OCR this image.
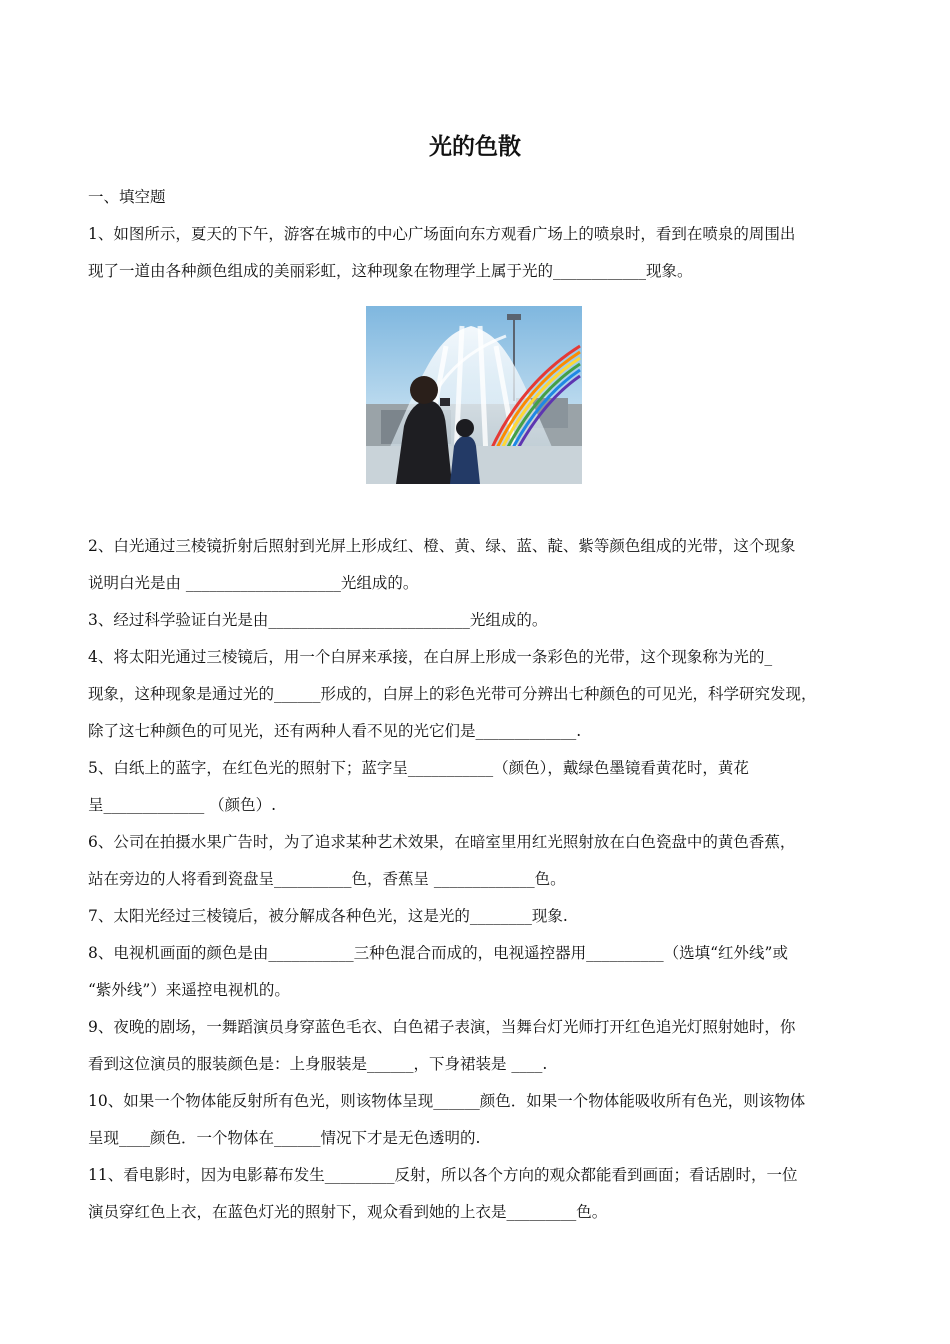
光的色散
一、填空题
1、如图所示，夏天的下午，游客在城市的中心广场面向东方观看广场上的喷泉时，看到在喷泉的周围出
现了一道由各种颜色组成的美丽彩虹，这种现象在物理学上属于光的____________现象。
2、白光通过三棱镜折射后照射到光屏上形成红、橙、黄、绿、蓝、靛、紫等颜色组成的光带，这个现象
说明白光是由 ____________________光组成的。
3、经过科学验证白光是由__________________________光组成的。
4、将太阳光通过三棱镜后，用一个白屏来承接，在白屏上形成一条彩色的光带，这个现象称为光的_
现象，这种现象是通过光的______形成的，白屏上的彩色光带可分辨出七种颜色的可见光，科学研究发现，
除了这七种颜色的可见光，还有两种人看不见的光它们是_____________.
5、白纸上的蓝字，在红色光的照射下；蓝字呈___________（颜色），戴绿色墨镜看黄花时，黄花
呈_____________ （颜色）.
6、公司在拍摄水果广告时，为了追求某种艺术效果，在暗室里用红光照射放在白色瓷盘中的黄色香蕉，
站在旁边的人将看到瓷盘呈__________色，香蕉呈 _____________色。
7、太阳光经过三棱镜后，被分解成各种色光，这是光的________现象.
8、电视机画面的颜色是由___________三种色混合而成的，电视遥控器用__________（选填“红外线”或
“紫外线”）来遥控电视机的。
9、夜晚的剧场，一舞蹈演员身穿蓝色毛衣、白色裙子表演，当舞台灯光师打开红色追光灯照射她时，你
看到这位演员的服装颜色是：上身服装是______，下身裙装是 ____.
10、如果一个物体能反射所有色光，则该物体呈现______颜色．如果一个物体能吸收所有色光，则该物体
呈现____颜色．一个物体在______情况下才是无色透明的.
11、看电影时，因为电影幕布发生_________反射，所以各个方向的观众都能看到画面；看话剧时，一位
演员穿红色上衣，在蓝色灯光的照射下，观众看到她的上衣是_________色。
